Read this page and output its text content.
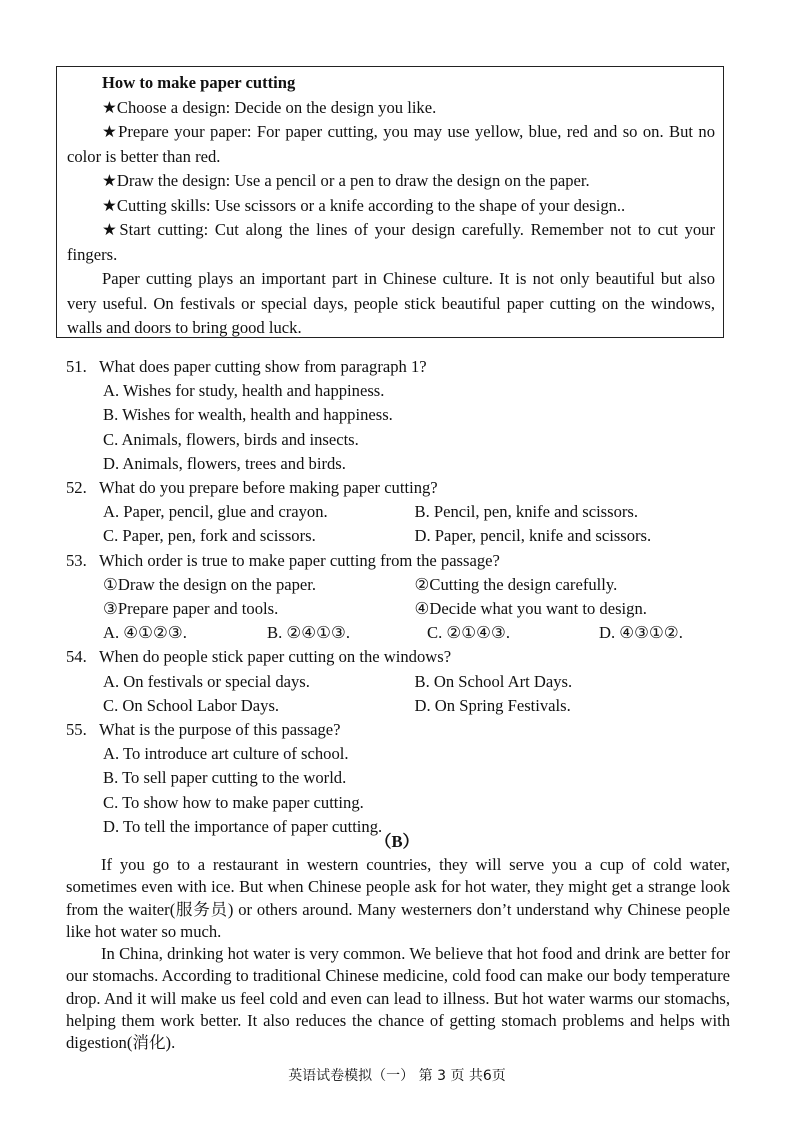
How to make paper cutting

★Choose a design: Decide on the design you like.

★Prepare your paper: For paper cutting, you may use yellow, blue, red and so on. But no color is better than red.

★Draw the design: Use a pencil or a pen to draw the design on the paper.

★Cutting skills: Use scissors or a knife according to the shape of your design..

★Start cutting: Cut along the lines of your design carefully. Remember not to cut your fingers.

Paper cutting plays an important part in Chinese culture. It is not only beautiful but also very useful. On festivals or special days, people stick beautiful paper cutting on the windows, walls and doors to bring good luck.

51. What does paper cutting show from paragraph 1?
A. Wishes for study, health and happiness.
B. Wishes for wealth, health and happiness.
C. Animals, flowers, birds and insects.
D. Animals, flowers, trees and birds.
52. What do you prepare before making paper cutting?
A. Paper, pencil, glue and crayon.	B. Pencil, pen, knife and scissors.
C. Paper, pen, fork and scissors.	D. Paper, pencil, knife and scissors.
53. Which order is true to make paper cutting from the passage?
①Draw the design on the paper.	②Cutting the design carefully.
③Prepare paper and tools.	④Decide what you want to design.
A. ④①②③.	B. ②④①③.	C. ②①④③.	D. ④③①②.
54. When do people stick paper cutting on the windows?
A. On festivals or special days.	B. On School Art Days.
C. On School Labor Days.	D. On Spring Festivals.
55. What is the purpose of this passage?
A. To introduce art culture of school.
B. To sell paper cutting to the world.
C. To show how to make paper cutting.
D. To tell the importance of paper cutting.
（B）

If you go to a restaurant in western countries, they will serve you a cup of cold water, sometimes even with ice. But when Chinese people ask for hot water, they might get a strange look from the waiter(服务员) or others around. Many westerners don’t understand why Chinese people like hot water so much.

In China, drinking hot water is very common. We believe that hot food and drink are better for our stomachs. According to traditional Chinese medicine, cold food can make our body temperature drop. And it will make us feel cold and even can lead to illness. But hot water warms our stomachs, helping them work better. It also reduces the chance of getting stomach problems and helps with digestion(消化).

英语试卷模拟（一） 第 3 页 共6页
